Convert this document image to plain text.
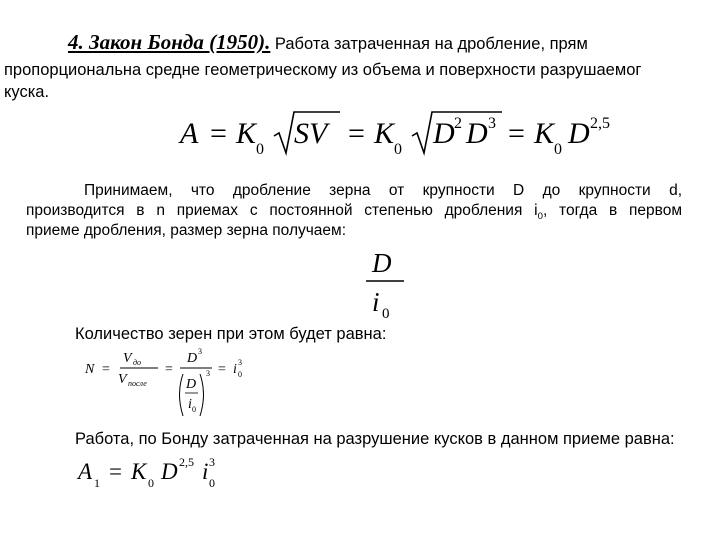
4. Закон Бонда (1950). Работа затраченная на дробление, прям
пропорциональна средне геометрическому из объема и поверхности разрушаемог
куска.
A = K 0 SV = K 0 D 2 D 3 = K 0 D 2,5
Принимаем, что дробление зерна от крупности D до крупности d,
производится в n приемах с постоянной степенью дробления $i_0$, тогда в первом
приеме дробления, размер зерна получаем:
D
i 0
Количество зерен при этом будет равна:
N =
V до
V после
=
D 3
D
i 0
3 = i 0
3
Работа, по Бонду затраченная на разрушение кусков в данном приеме равна:
A 1 = K 0 D 2,5 i 0
3
